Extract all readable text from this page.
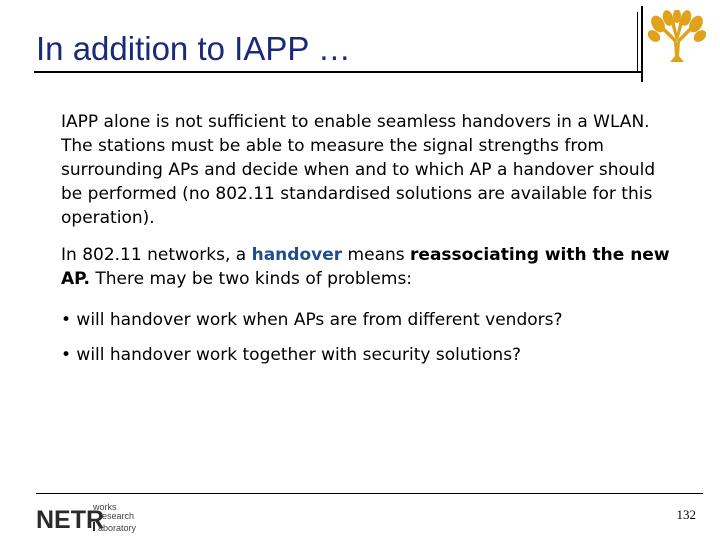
In addition to IAPP …

IAPP alone is not sufficient to enable seamless handovers in a WLAN. The stations must be able to measure the signal strengths from surrounding APs and decide when and to which AP a handover should be performed (no 802.11 standardised solutions are available for this operation).

In 802.11 networks, a handover means reassociating with the new AP. There may be two kinds of problems:

• will handover work when APs are from different vendors?

• will handover work together with security solutions?

NETR
works
esearch
aboratory
132
